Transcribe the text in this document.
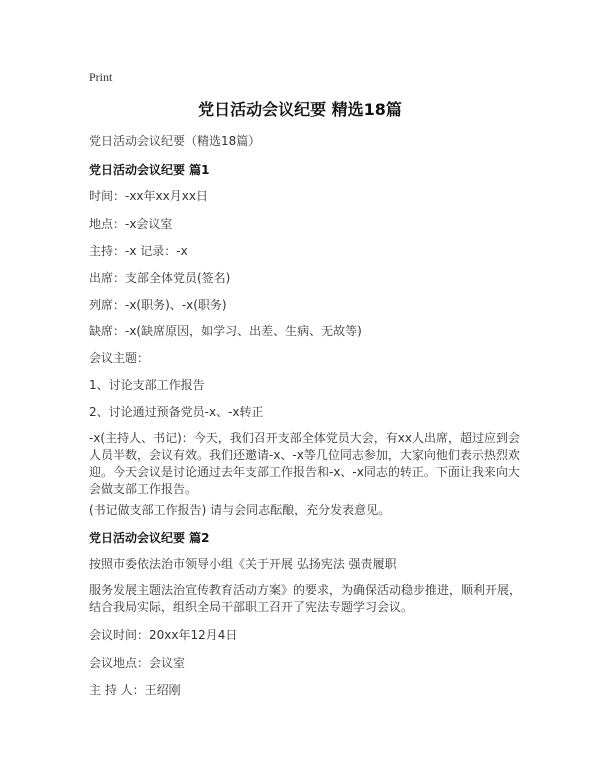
Print
党日活动会议纪要 精选18篇
党日活动会议纪要（精选18篇）
党日活动会议纪要 篇1
时间：-xx年xx月xx日
地点：-x会议室
主持：-x 记录：-x
出席：支部全体党员(签名)
列席：-x(职务)、-x(职务)
缺席：-x(缺席原因，如学习、出差、生病、无故等)
会议主题：
1、讨论支部工作报告
2、讨论通过预备党员-x、-x转正
-x(主持人、书记)：今天，我们召开支部全体党员大会，有xx人出席，超过应到会
人员半数，会议有效。我们还邀请-x、-x等几位同志参加，大家向他们表示热烈欢
迎。今天会议是讨论通过去年支部工作报告和-x、-x同志的转正。下面让我来向大
会做支部工作报告。
(书记做支部工作报告) 请与会同志酝酿，充分发表意见。
党日活动会议纪要 篇2
按照市委依法治市领导小组《关于开展 弘扬宪法 强责履职
服务发展主题法治宣传教育活动方案》的要求，为确保活动稳步推进，顺利开展，
结合我局实际，组织全局干部职工召开了宪法专题学习会议。
会议时间：20xx年12月4日
会议地点：会议室
主 持 人：王绍刚
